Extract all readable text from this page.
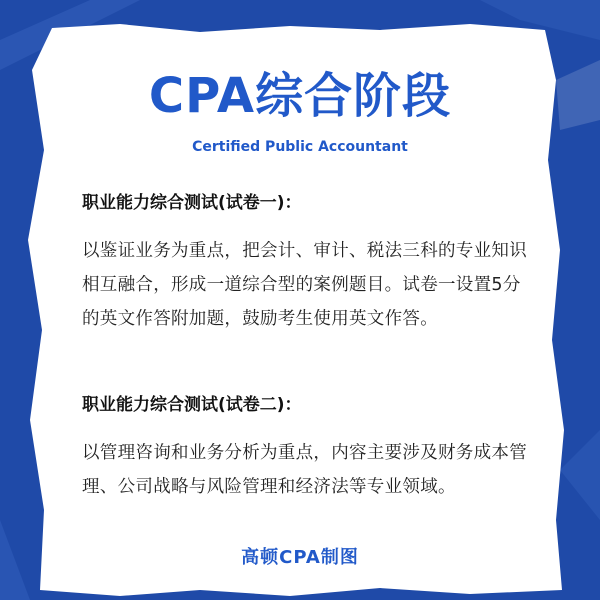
CPA综合阶段
Certified Public Accountant

职业能力综合测试(试卷一)：

以鉴证业务为重点，把会计、审计、税法三科的专业知识相互融合，形成一道综合型的案例题目。试卷一设置5分的英文作答附加题，鼓励考生使用英文作答。

职业能力综合测试(试卷二)：

以管理咨询和业务分析为重点，内容主要涉及财务成本管理、公司战略与风险管理和经济法等专业领域。

高顿CPA制图
